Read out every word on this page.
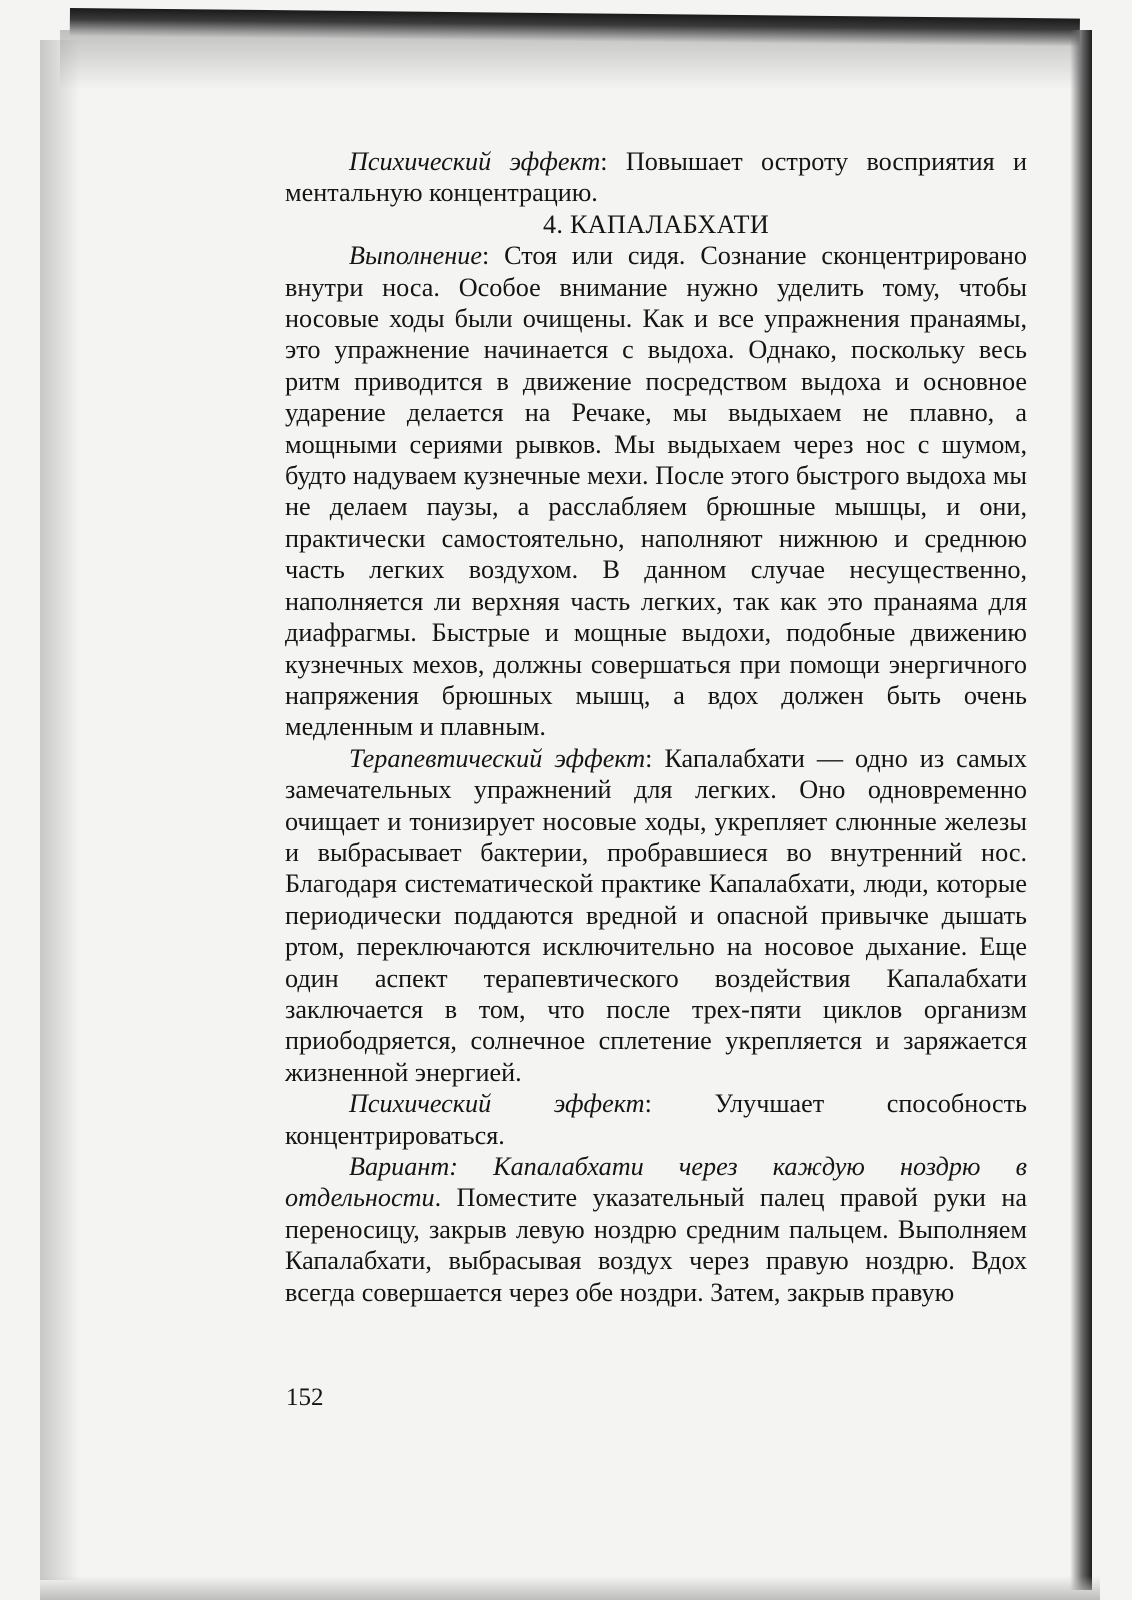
Психический эффект: Повышает остроту восприятия и ментальную концентрацию.

4. КАПАЛАБХАТИ

Выполнение: Стоя или сидя. Сознание сконцентрировано внутри носа. Особое внимание нужно уделить тому, чтобы носовые ходы были очищены. Как и все упражнения пранаямы, это упражнение начинается с выдоха. Однако, поскольку весь ритм приводится в движение посредством выдоха и основное ударение делается на Речаке, мы выдыхаем не плавно, а мощными сериями рывков. Мы выдыхаем через нос с шумом, будто надуваем кузнечные мехи. После этого быстрого выдоха мы не делаем паузы, а расслабляем брюшные мышцы, и они, практически самостоятельно, наполняют нижнюю и среднюю часть легких воздухом. В данном случае несущественно, наполняется ли верхняя часть легких, так как это пранаяма для диафрагмы. Быстрые и мощные выдохи, подобные движению кузнечных мехов, должны совершаться при помощи энергичного напряжения брюшных мышц, а вдох должен быть очень медленным и плавным.

Терапевтический эффект: Капалабхати — одно из самых замечательных упражнений для легких. Оно одновременно очищает и тонизирует носовые ходы, укрепляет слюнные железы и выбрасывает бактерии, пробравшиеся во внутренний нос. Благодаря систематической практике Капалабхати, люди, которые периодически поддаются вредной и опасной привычке дышать ртом, переключаются исключительно на носовое дыхание. Еще один аспект терапевтического воздействия Капалабхати заключается в том, что после трех-пяти циклов организм приободряется, солнечное сплетение укрепляется и заряжается жизненной энергией.

Психический эффект: Улучшает способность концентрироваться.

Вариант: Капалабхати через каждую ноздрю в отдельности. Поместите указательный палец правой руки на переносицу, закрыв левую ноздрю средним пальцем. Выполняем Капалабхати, выбрасывая воздух через правую ноздрю. Вдох всегда совершается через обе ноздри. Затем, закрыв правую

152
